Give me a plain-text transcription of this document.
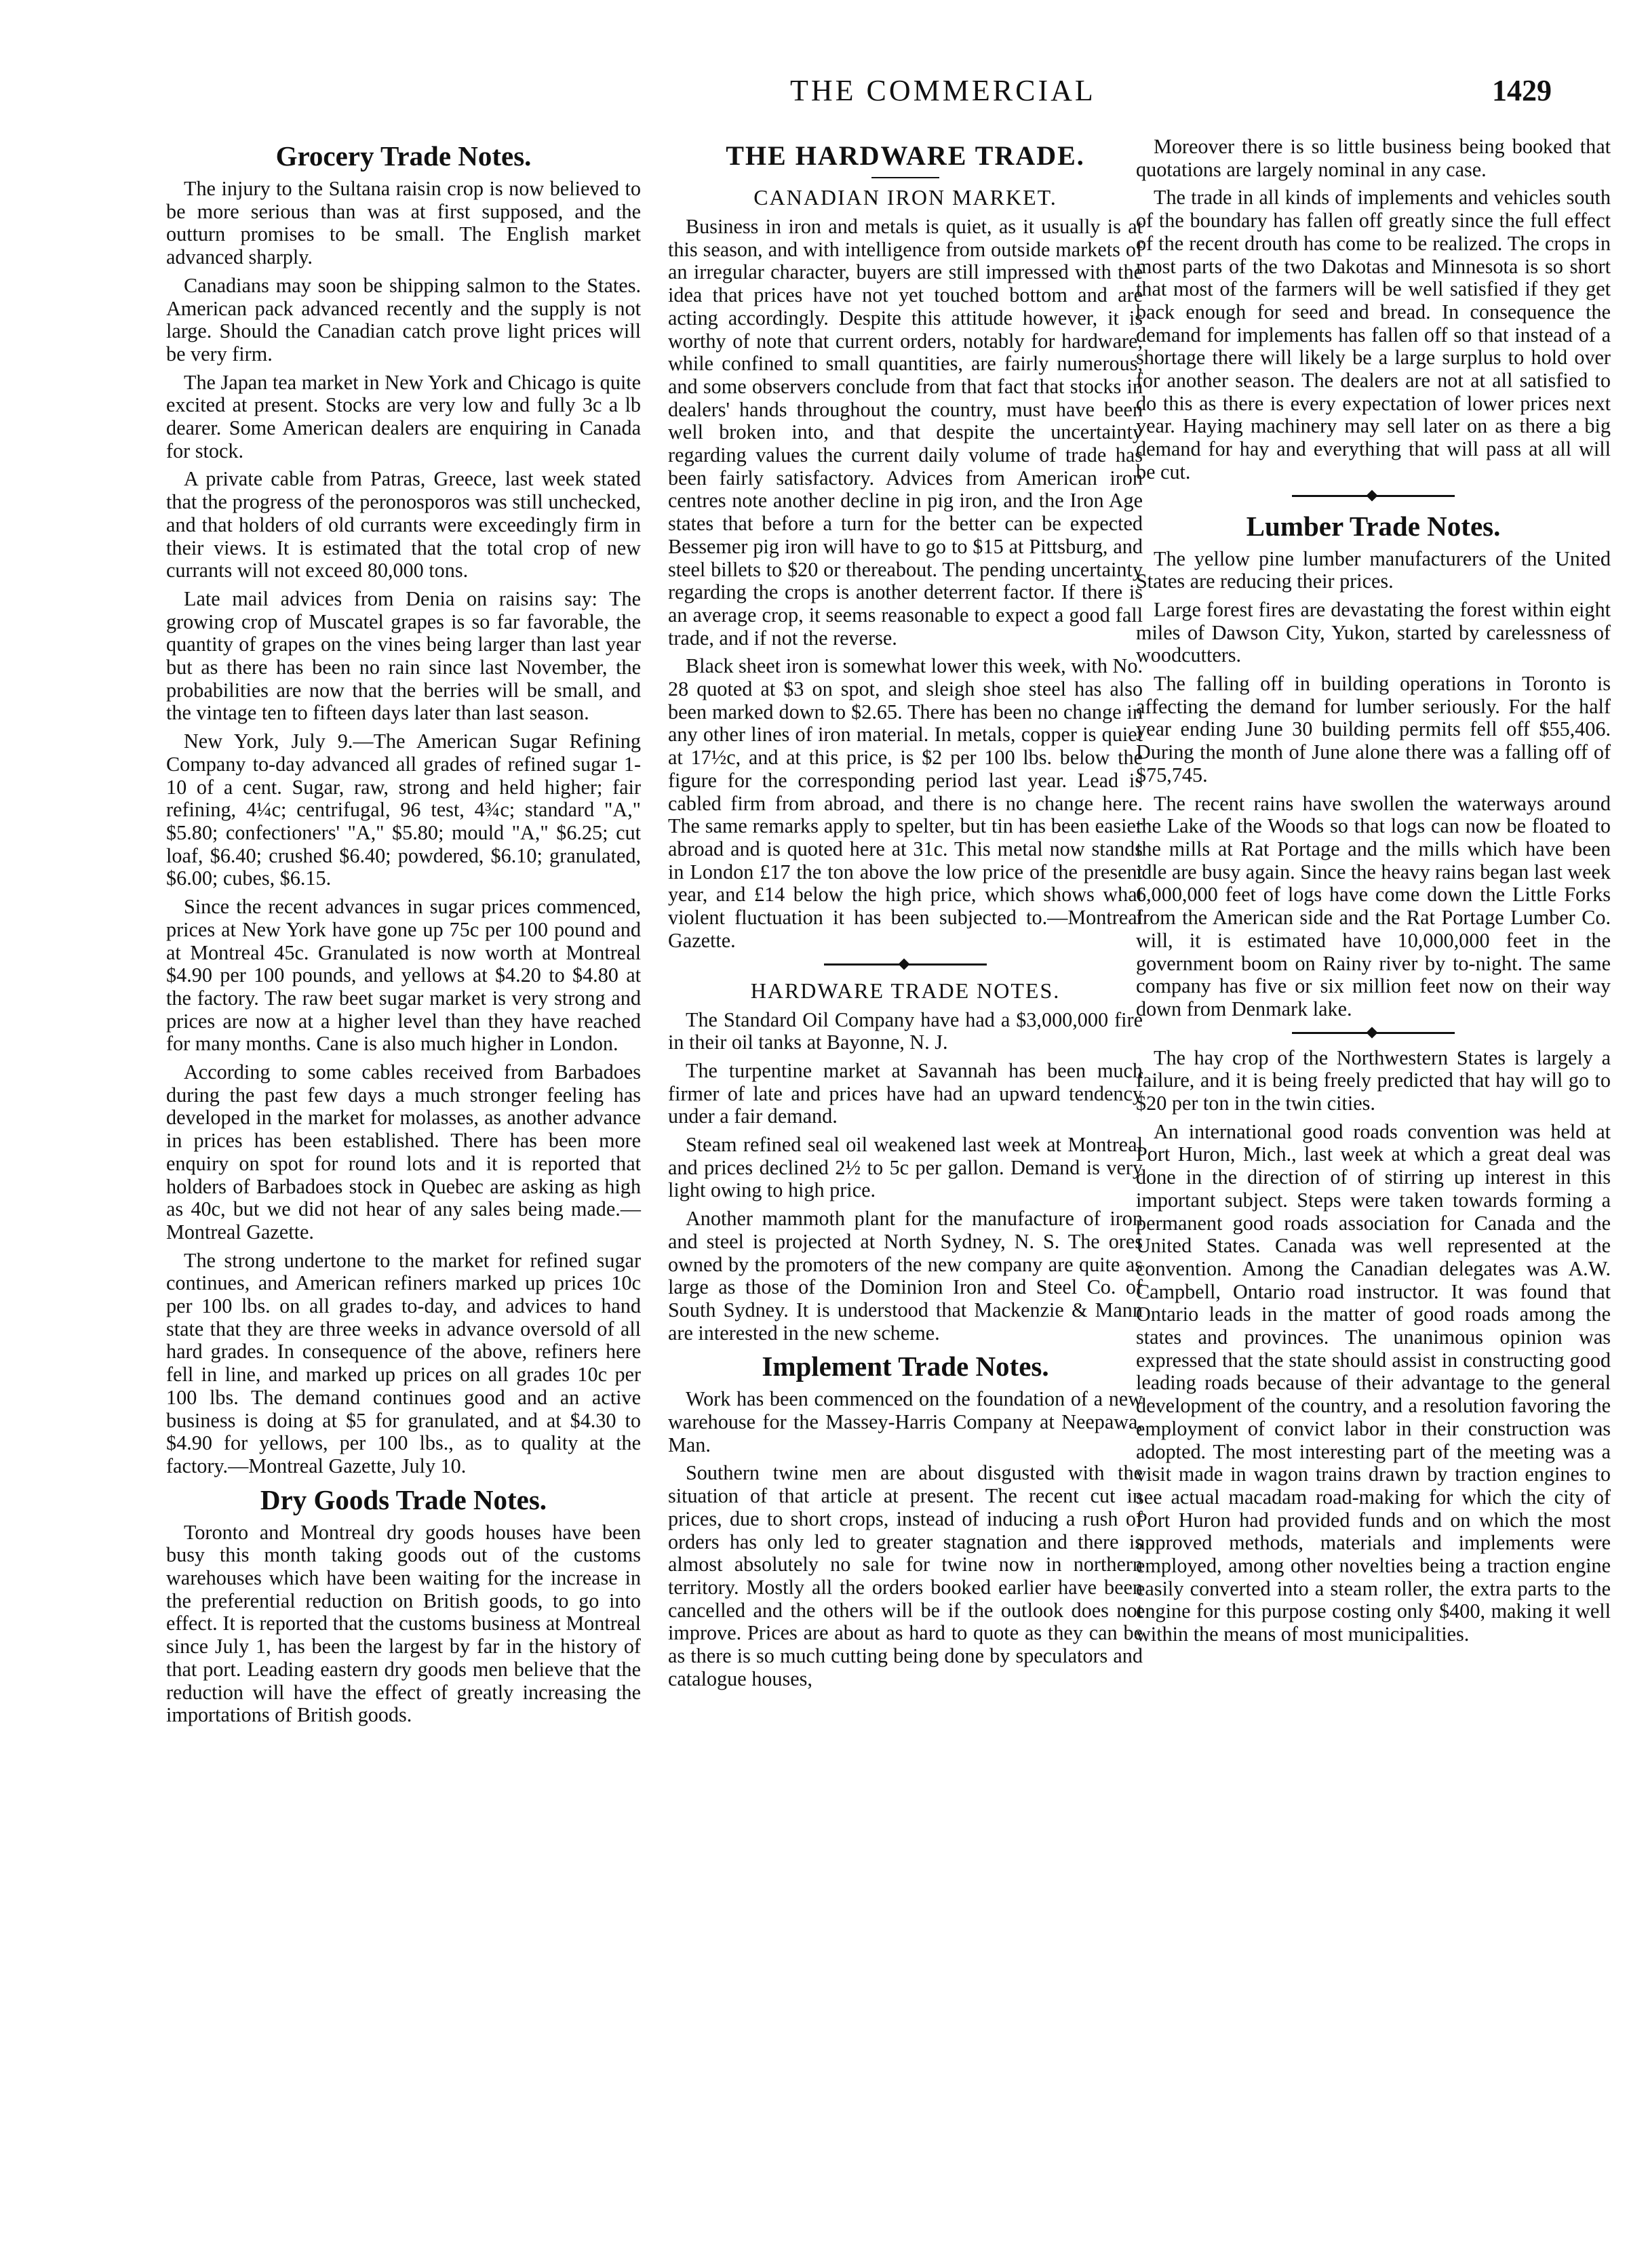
THE COMMERCIAL	1429
Grocery Trade Notes.

The injury to the Sultana raisin crop is now believed to be more serious than was at first supposed, and the outturn promises to be small. The English market advanced sharply.

Canadians may soon be shipping salmon to the States. American pack advanced recently and the supply is not large. Should the Canadian catch prove light prices will be very firm.

The Japan tea market in New York and Chicago is quite excited at present. Stocks are very low and fully 3c a lb dearer. Some American dealers are enquiring in Canada for stock.

A private cable from Patras, Greece, last week stated that the progress of the peronosporos was still unchecked, and that holders of old currants were exceedingly firm in their views. It is estimated that the total crop of new currants will not exceed 80,000 tons.

Late mail advices from Denia on raisins say: The growing crop of Muscatel grapes is so far favorable, the quantity of grapes on the vines being larger than last year but as there has been no rain since last November, the probabilities are now that the berries will be small, and the vintage ten to fifteen days later than last season.

New York, July 9.—The American Sugar Refining Company to-day advanced all grades of refined sugar 1-10 of a cent. Sugar, raw, strong and held higher; fair refining, 4¼c; centrifugal, 96 test, 4¾c; standard "A," $5.80; confectioners' "A," $5.80; mould "A," $6.25; cut loaf, $6.40; crushed $6.40; powdered, $6.10; granulated, $6.00; cubes, $6.15.

Since the recent advances in sugar prices commenced, prices at New York have gone up 75c per 100 pound and at Montreal 45c. Granulated is now worth at Montreal $4.90 per 100 pounds, and yellows at $4.20 to $4.80 at the factory. The raw beet sugar market is very strong and prices are now at a higher level than they have reached for many months. Cane is also much higher in London.

According to some cables received from Barbadoes during the past few days a much stronger feeling has developed in the market for molasses, as another advance in prices has been established. There has been more enquiry on spot for round lots and it is reported that holders of Barbadoes stock in Quebec are asking as high as 40c, but we did not hear of any sales being made.—Montreal Gazette.

The strong undertone to the market for refined sugar continues, and American refiners marked up prices 10c per 100 lbs. on all grades to-day, and advices to hand state that they are three weeks in advance oversold of all hard grades. In consequence of the above, refiners here fell in line, and marked up prices on all grades 10c per 100 lbs. The demand continues good and an active business is doing at $5 for granulated, and at $4.30 to $4.90 for yellows, per 100 lbs., as to quality at the factory.—Montreal Gazette, July 10.

Dry Goods Trade Notes.

Toronto and Montreal dry goods houses have been busy this month taking goods out of the customs warehouses which have been waiting for the increase in the preferential reduction on British goods, to go into effect. It is reported that the customs business at Montreal since July 1, has been the largest by far in the history of that port. Leading eastern dry goods men believe that the reduction will have the effect of greatly increasing the importations of British goods.

THE HARDWARE TRADE.
CANADIAN IRON MARKET.

Business in iron and metals is quiet, as it usually is at this season, and with intelligence from outside markets of an irregular character, buyers are still impressed with the idea that prices have not yet touched bottom and are acting accordingly. Despite this attitude however, it is worthy of note that current orders, notably for hardware, while confined to small quantities, are fairly numerous, and some observers conclude from that fact that stocks in dealers' hands throughout the country, must have been well broken into, and that despite the uncertainty regarding values the current daily volume of trade has been fairly satisfactory. Advices from American iron centres note another decline in pig iron, and the Iron Age states that before a turn for the better can be expected Bessemer pig iron will have to go to $15 at Pittsburg, and steel billets to $20 or thereabout. The pending uncertainty regarding the crops is another deterrent factor. If there is an average crop, it seems reasonable to expect a good fall trade, and if not the reverse.

Black sheet iron is somewhat lower this week, with No. 28 quoted at $3 on spot, and sleigh shoe steel has also been marked down to $2.65. There has been no change in any other lines of iron material. In metals, copper is quiet at 17½c, and at this price, is $2 per 100 lbs. below the figure for the corresponding period last year. Lead is cabled firm from abroad, and there is no change here. The same remarks apply to spelter, but tin has been easier abroad and is quoted here at 31c. This metal now stands in London £17 the ton above the low price of the present year, and £14 below the high price, which shows what violent fluctuation it has been subjected to.—Montreal Gazette.

HARDWARE TRADE NOTES.

The Standard Oil Company have had a $3,000,000 fire in their oil tanks at Bayonne, N. J.

The turpentine market at Savannah has been much firmer of late and prices have had an upward tendency under a fair demand.

Steam refined seal oil weakened last week at Montreal and prices declined 2½ to 5c per gallon. Demand is very light owing to high price.

Another mammoth plant for the manufacture of iron and steel is projected at North Sydney, N. S. The ores owned by the promoters of the new company are quite as large as those of the Dominion Iron and Steel Co. of South Sydney. It is understood that Mackenzie & Mann are interested in the new scheme.

Implement Trade Notes.

Work has been commenced on the foundation of a new warehouse for the Massey-Harris Company at Neepawa, Man.

Southern twine men are about disgusted with the situation of that article at present. The recent cut in prices, due to short crops, instead of inducing a rush of orders has only led to greater stagnation and there is almost absolutely no sale for twine now in northern territory. Mostly all the orders booked earlier have been cancelled and the others will be if the outlook does not improve. Prices are about as hard to quote as they can be as there is so much cutting being done by speculators and catalogue houses,

Moreover there is so little business being booked that quotations are largely nominal in any case.

The trade in all kinds of implements and vehicles south of the boundary has fallen off greatly since the full effect of the recent drouth has come to be realized. The crops in most parts of the two Dakotas and Minnesota is so short that most of the farmers will be well satisfied if they get back enough for seed and bread. In consequence the demand for implements has fallen off so that instead of a shortage there will likely be a large surplus to hold over for another season. The dealers are not at all satisfied to do this as there is every expectation of lower prices next year. Haying machinery may sell later on as there a big demand for hay and everything that will pass at all will be cut.

Lumber Trade Notes.

The yellow pine lumber manufacturers of the United States are reducing their prices.

Large forest fires are devastating the forest within eight miles of Dawson City, Yukon, started by carelessness of woodcutters.

The falling off in building operations in Toronto is affecting the demand for lumber seriously. For the half year ending June 30 building permits fell off $55,406. During the month of June alone there was a falling off of $75,745.

The recent rains have swollen the waterways around the Lake of the Woods so that logs can now be floated to the mills at Rat Portage and the mills which have been idle are busy again. Since the heavy rains began last week 6,000,000 feet of logs have come down the Little Forks from the American side and the Rat Portage Lumber Co. will, it is estimated have 10,000,000 feet in the government boom on Rainy river by to-night. The same company has five or six million feet now on their way down from Denmark lake.

The hay crop of the Northwestern States is largely a failure, and it is being freely predicted that hay will go to $20 per ton in the twin cities.

An international good roads convention was held at Port Huron, Mich., last week at which a great deal was done in the direction of of stirring up interest in this important subject. Steps were taken towards forming a permanent good roads association for Canada and the United States. Canada was well represented at the convention. Among the Canadian delegates was A.W. Campbell, Ontario road instructor. It was found that Ontario leads in the matter of good roads among the states and provinces. The unanimous opinion was expressed that the state should assist in constructing good leading roads because of their advantage to the general development of the country, and a resolution favoring the employment of convict labor in their construction was adopted. The most interesting part of the meeting was a visit made in wagon trains drawn by traction engines to see actual macadam road-making for which the city of Port Huron had provided funds and on which the most approved methods, materials and implements were employed, among other novelties being a traction engine easily converted into a steam roller, the extra parts to the engine for this purpose costing only $400, making it well within the means of most municipalities.
